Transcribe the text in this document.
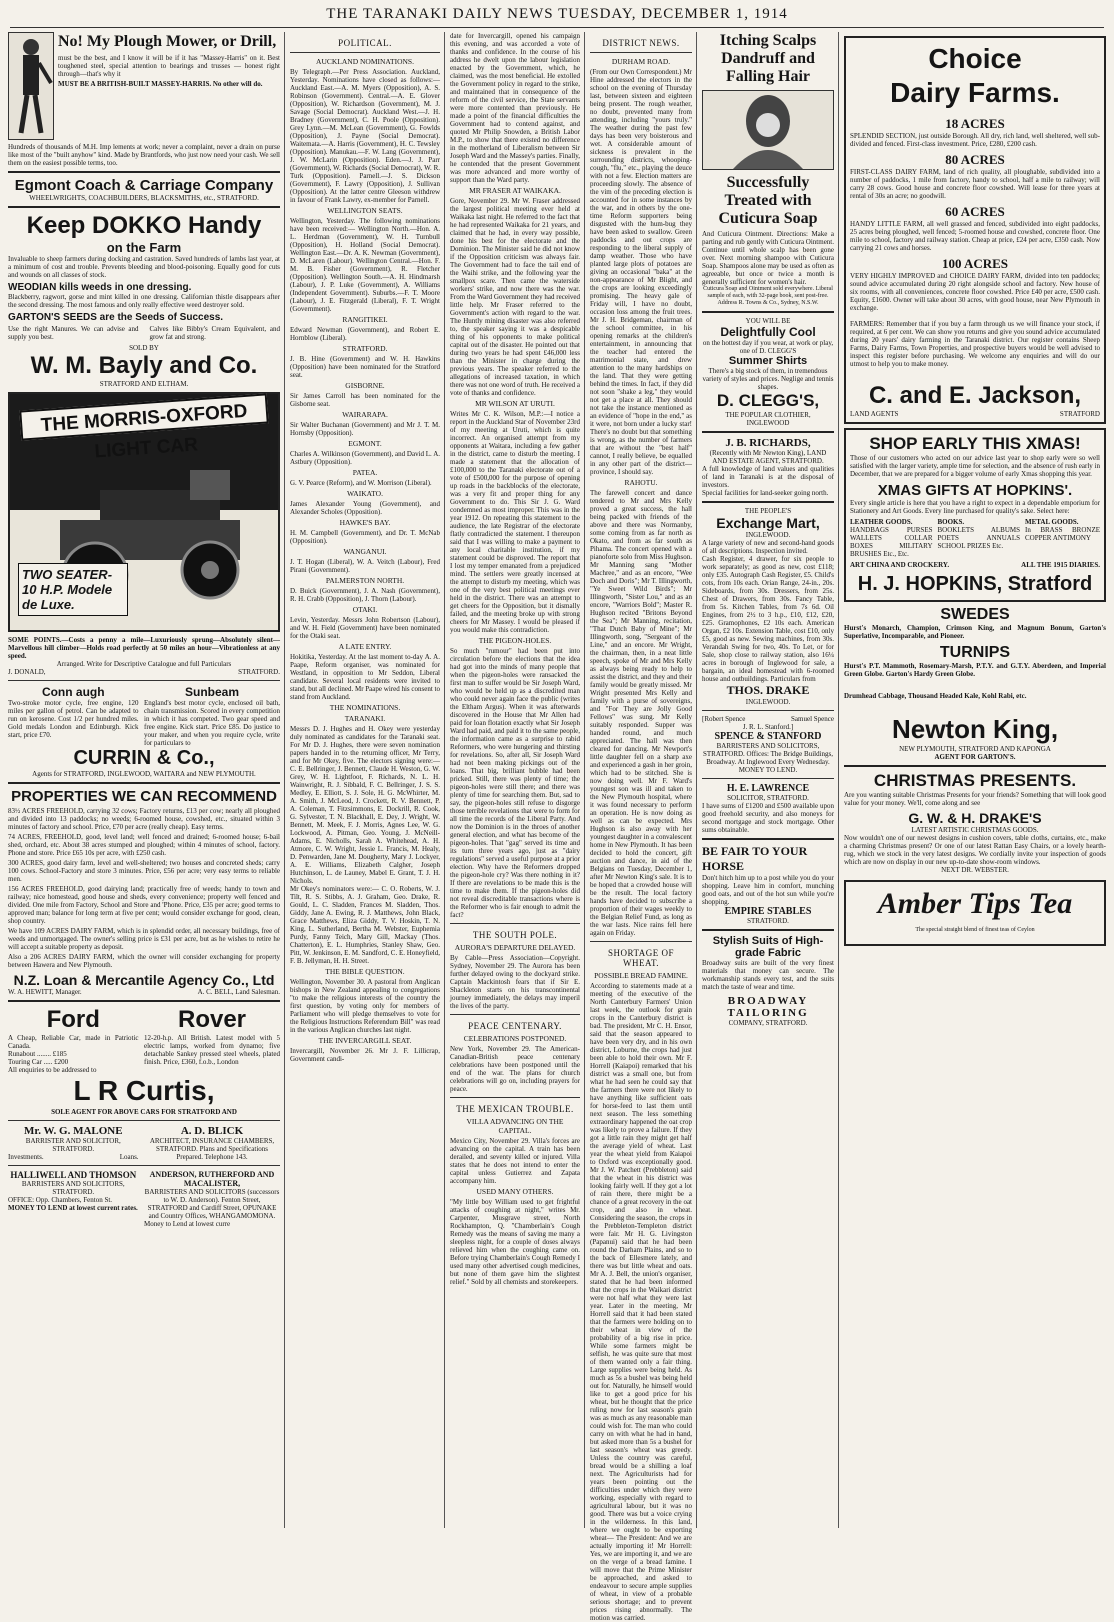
THE TARANAKI DAILY NEWS TUESDAY, DECEMBER 1, 1914
No! My Plough Mower, or Drill,
must be the best, and I know it will be if it has "Massey-Harris" on it. Best toughened steel, special attention to bearings and trusses — honest right through—that's why it
MUST BE A BRITISH-BUILT MASSEY-HARRIS. No other will do.
Hundreds of thousands of M.H. Imp lements at work; never a complaint, never a drain on purse like most of the "built anyhow" kind. Made by Brantfords, who just now need your cash. We sell them on the easiest possible terms, too.
Egmont Coach & Carriage Company
WHEELWRIGHTS, COACHBUILDERS, BLACKSMITHS, etc., STRATFORD.
Keep DOKKO Handy
on the Farm
Invaluable to sheep farmers during docking and castration. Saved hundreds of lambs last year, at a minimum of cost and trouble. Prevents bleeding and blood-poisoning. Equally good for cuts and wounds on all classes of stock.
WEODIAN kills weeds in one dressing.
Blackberry, ragwort, gorse and mint killed in one dressing. Californian thistle disappears after the second dressing. The most famous and only really effective weed destroyer sold.
GARTON'S SEEDS are the Seeds of Success.
Use the right Manures. We can advise and supply you best.
Calves like Bibby's Cream Equivalent, and grow fat and strong.
SOLD BY
W. M. Bayly and Co.
STRATFORD AND ELTHAM.
THE MORRIS-OXFORD LIGHT CAR
TWO SEATER-10 H.P. Modele de Luxe.
SOME POINTS.—Costs a penny a mile—Luxuriously sprung—Absolutely silent—Marvellous hill climber—Holds road perfectly at 50 miles an hour—Vibrationless at any speed.
Arranged. Write for Descriptive Catalogue and full Particulars
J. DONALD,	STRATFORD.
Conn augh
Two-stroke motor cycle, free engine, 120 miles per gallon of petrol. Can be adapted to run on kerosene. Cost 1/2 per hundred miles. Gold medals London and Edinburgh. Kick start, price £70.
Sunbeam
England's best motor cycle, enclosed oil bath, chain transmission. Scored in every competition in which it has competed. Two gear speed and free engine. Kick start. Price £85. Do justice to your maker, and when you require cycle, write for particulars to
CURRIN & Co.,
Agents for STRATFORD, INGLEWOOD, WAITARA and NEW PLYMOUTH.
PROPERTIES WE CAN RECOMMEND
83½ ACRES FREEHOLD, carrying 32 cows; Factory returns, £13 per cow; nearly all ploughed and divided into 13 paddocks; no weeds; 6-roomed house, cowshed, etc., situated within 3 minutes of factory and school. Price, £70 per acre (really cheap). Easy terms.
74 ACRES, FREEHOLD, good, level land; well fenced and drained; 6-roomed house; 6-bail shed, orchard, etc. About 38 acres stumped and ploughed; within 4 minutes of school, factory. Phone and store. Price £65 10s per acre, with £250 cash.
300 ACRES, good dairy farm, level and well-sheltered; two houses and concreted sheds; carry 100 cows. School-Factory and store 3 minutes. Price, £56 per acre; very easy terms to reliable men.
156 ACRES FREEHOLD, good dairying land; practically free of weeds; handy to town and railway; nice homestead, good house and sheds, every convenience; property well fenced and divided. One mile from Factory, School and Store and 'Phone. Price, £35 per acre; good terms to approved man; balance for long term at five per cent; would consider exchange for good, clean, shop country.
We have 109 ACRES DAIRY FARM, which is in splendid order, all necessary buildings, free of weeds and unmortgaged. The owner's selling price is £31 per acre, but as he wishes to retire he will accept a suitable property as deposit.
Also a 206 ACRES DAIRY FARM, which the owner will consider exchanging for property between Hawera and New Plymouth.
N.Z. Loan & Mercantile Agency Co., Ltd
W. A. HEWITT, Manager.	A. C. BELL, Land Salesman.
Ford
A Cheap, Reliable Car, made in Patriotic Canada.
Runabout ........ £185
Touring Car ..... £200
All enquiries to be addressed to
Rover
12-20-h.p. All British. Latest model with 5 electric lamps, worked from dynamo; five detachable Sankey pressed steel wheels, plated finish. Price, £360, f.o.b., London
L R Curtis,
SOLE AGENT FOR ABOVE CARS FOR STRATFORD AND
Mr. W. G. MALONE
BARRISTER AND SOLICITOR, STRATFORD.
Investments.	Loans.
A. D. BLICK
ARCHITECT, INSURANCE CHAMBERS, STRATFORD. Plans and Specifications Prepared. Telephone 143.
HALLIWELL AND THOMSON
BARRISTERS AND SOLICITORS, STRATFORD.
OFFICE: Opp. Chambers, Fenton St.
MONEY TO LEND at lowest current rates.
ANDERSON, RUTHERFORD AND MACALISTER,
BARRISTERS AND SOLICITORS (successors to W. D. Anderson). Fenton Street, STRATFORD and Cardiff Street, OPUNAKE and Country Offices, WHANGAMOMONA.
Money to Lend at lowest curre
POLITICAL.
AUCKLAND NOMINATIONS.
By Telegraph.—Per Press Association. Auckland, Yesterday. Nominations have closed as follows:— Auckland East.—A. M. Myers (Opposition), A. S. Robinson (Government). Central.—A. E. Glover (Opposition), W. Richardson (Government), M. J. Savage (Social Democrat). Auckland West.—J. H. Bradney (Government), C. H. Poole (Opposition). Grey Lynn.—M. McLean (Government), G. Fowlds (Opposition), J. Payne (Social Democrat). Waitemata.—A. Harris (Government), H. C. Tewsley (Opposition). Manukau.—F. W. Lang (Government), J. W. McLarin (Opposition). Eden.—J. J. Parr (Government), W. Richards (Social Democrat), W. R. Turk (Opposition). Parnell.—J. S. Dickson (Government), F. Lawry (Opposition), J. Sullivan (Opposition). At the latter centre Gleeson withdrew in favour of Frank Lawry, ex-member for Parnell.
WELLINGTON SEATS.
Wellington, Yesterday. The following nominations have been received:— Wellington North.—Hon. A. L. Herdman (Government), W. H. Turnbull (Opposition), H. Holland (Social Democrat). Wellington East.—Dr. A. K. Newman (Government), D. McLaren (Labour). Wellington Central.—Hon. F. M. B. Fisher (Government), R. Fletcher (Opposition). Wellington South.—A. H. Hindmarsh (Labour), J. P. Luke (Government), A. Williams (Independent Government). Suburbs.—F. T. Moore (Labour), J. E. Fitzgerald (Liberal), F. T. Wright (Government).
RANGITIKEI.
Edward Newman (Government), and Robert E. Hornblow (Liberal).
STRATFORD.
J. B. Hine (Government) and W. H. Hawkins (Opposition) have been nominated for the Stratford seat.
GISBORNE.
Sir James Carroll has been nominated for the Gisborne seat.
WAIRARAPA.
Sir Walter Buchanan (Government) and Mr J. T. M. Hornsby (Opposition).
EGMONT.
Charles A. Wilkinson (Government), and David L. A. Astbury (Opposition).
PATEA.
G. V. Pearce (Reform), and W. Morrison (Liberal).
WAIKATO.
James Alexander Young (Government), and Alexander Scholes (Opposition).
HAWKE'S BAY.
H. M. Campbell (Government), and Dr. T. McNab (Opposition).
WANGANUI.
J. T. Hogan (Liberal), W. A. Veitch (Labour), Fred Pirani (Government).
PALMERSTON NORTH.
D. Buick (Government), J. A. Nash (Government), R. H. Crabb (Opposition), J. Thorn (Labour).
OTAKI.
Levin, Yesterday. Messrs John Robertson (Labour), and W. H. Field (Government) have been nominated for the Otaki seat.
A LATE ENTRY.
Hokitika, Yesterday. At the last moment to-day A. A. Paape, Reform organiser, was nominated for Westland, in opposition to Mr Seddon, Liberal candidate. Several local residents were invited to stand, but all declined. Mr Paape wired his consent to stand from Auckland.
THE NOMINATIONS.
TARANAKI.
Messrs D. J. Hughes and H. Okey were yesterday duly nominated as candidates for the Taranaki seat. For Mr D. J. Hughes, there were seven nomination papers handed in to the returning officer, Mr Terry, and for Mr Okey, five. The electors signing were:— C. E. Bellringer, J. Bennett, Claude H. Weston, G. W. Grey, W. H. Lightfoot, F. Richards, N. L. H. Wainwright, R. J. Sibbald, F. C. Bellringer, J. S. S. Medley, E. Elliott, S. J. Sole, H. G. McWhirter, M. A. Smith, J. McLeod, J. Crockett, R. V. Bennett, P. A. Coleman, T. Fitzsimmons, E. Dockrill, R. Cook, G. Sylvester, T. N. Blackhall, E. Dey, J. Wright, W. Bennett, M. Meek, F. J. Morris, Agnes Lee, W. G. Lockwood, A. Pitman, Geo. Young, J. McNeill-Adams, E. Nicholls, Sarah A. Whitehead, A. H. Atmore, C. W. Wright, Jessie L. Francis, M. Healy, D. Penwarden, Jane M. Dougherty, Mary J. Lockyer, A. E. Williams, Elizabeth Calgher, Joseph Hutchinson, L. de Launey, Mabel E. Grant, T. J. H. Nichols.
Mr Okey's nominators were:— C. O. Roberts, W. J. Tilt, R. S. Stibbs, A. J. Graham, Geo. Drake, R. Gould, L. C. Sladden, Frances M. Sladden, Thos. Giddy, Jane A. Ewing, R. J. Matthews, John Black, Grace Matthews, Eliza Giddy, T. V. Hoskin, T. N. King, L. Sutherland, Bertha M. Webster, Euphemia Purdy, Fanny Teich, Mary Gill, Mackay (Thos. Chatterton), E. L. Humphries, Stanley Shaw, Geo. Pitt, W. Jenkinson, E. M. Sandford, C. E. Honeyfield, F. B. Jellyman, H. H. Street.
THE BIBLE QUESTION.
Wellington, November 30. A pastoral from Anglican bishops in New Zealand appealing to congregations "to make the religious interests of the country the first question, by voting only for members of Parliament who will pledge themselves to vote for the Religious Instructions Referendum Bill" was read in the various Anglican churches last night.
THE INVERCARGILL SEAT.
Invercargill, November 26. Mr J. F. Lillicrap, Government candi-
date for Invercargill, opened his campaign this evening, and was accorded a vote of thanks and confidence. In the course of his address he dwelt upon the labour legislation enacted by the Government, which, he claimed, was the most beneficial. He extolled the Government policy in regard to the strike, and maintained that in consequence of the reform of the civil service, the State servants were more contented than previously. He made a point of the financial difficulties the Government had to contend against, and quoted Mr Philip Snowden, a British Labor M.P., to show that there existed no difference in the motherland of Liberalism between Sir Joseph Ward and the Massey's parties. Finally, he contended that the present Government was more advanced and more worthy of support than the Ward party.
MR FRASER AT WAIKAKA.
Gore, November 29. Mr W. Fraser addressed the largest political meeting ever held at Waikaka last night. He referred to the fact that he had represented Waikaka for 21 years, and claimed that he had, in every way possible, done his best for the electorate and the Dominion. The Minister said he did not know if the Opposition criticism was always fair. The Government had to face the tail end of the Waihi strike, and the following year the smallpox scare. Then came the waterside workers' strike, and now there was the war. From the Ward Government they had received little help. Mr Fraser referred to the Government's action with regard to the war. The Huntly mining disaster was also referred to, the speaker saying it was a despicable thing of his opponents to make political capital out of the disaster. He pointed out that during two years he had spent £46,000 less than the Minister in charge during the previous years. The speaker referred to the allegations of increased taxation, in which there was not one word of truth. He received a vote of thanks and confidence.
MR WILSON AT URUTI.
Writes Mr C. K. Wilson, M.P.:—I notice a report in the Auckland Star of November 23rd of my meeting at Uruti, which is quite incorrect. An organised attempt from my opponents at Waitara, including a few gather in the district, came to disturb the meeting. I made a statement that the allocation of £100,000 to the Taranaki electorate out of a vote of £500,000 for the purpose of opening up roads in the backblocks of the electorate, was a very fit and proper thing for any Government to do. This Sir J. G. Ward condemned as most improper. This was in the year 1912. On repeating this statement to the audience, the late Registrar of the electorate flatly contradicted the statement. I thereupon said that I was willing to make a payment to any local charitable institution, if my statement could be disproved. The report that I lost my temper emanated from a prejudiced mind. The settlers were greatly incensed at the attempt to disturb my meeting, which was one of the very best political meetings ever held in the district. There was an attempt to get cheers for the Opposition, but it dismally failed, and the meeting broke up with strong cheers for Mr Massey. I would be pleased if you would make this contradiction.
THE PIGEON-HOLES.
So much "rumour" had been put into circulation before the elections that the idea had got into the minds of many people that when the pigeon-holes were ransacked the first man to suffer would be Sir Joseph Ward, who would be held up as a discredited man who could never again face the public (writes the Eltham Argus). When it was afterwards discovered in the House that Mr Allen had paid for loan flotation exactly what Sir Joseph Ward had paid, and paid it to the same people, the information came as a surprise to rabid Reformers, who were hungering and thirsting for revelations. So, after all, Sir Joseph Ward had not been making pickings out of the loans. That big, brilliant bubble had been pricked. Still, there was plenty of time; the pigeon-holes were still there; and there was plenty of time for searching them. But, sad to say, the pigeon-holes still refuse to disgorge those terrible revelations that were to form for all time the records of the Liberal Party. And now the Dominion is in the throes of another general election, and what has become of the pigeon-holes. That "gag" served its time and its turn three years ago, just as "dairy regulations" served a useful purpose at a prior election. Why have the Reformers dropped the pigeon-hole cry? Was there nothing in it? If there are revelations to be made this is the time to make them. If the pigeon-holes did not reveal discreditable transactions where is the Reformer who is fair enough to admit the fact?
THE SOUTH POLE.
AURORA'S DEPARTURE DELAYED.
By Cable—Press Association—Copyright. Sydney, November 29. The Aurora has been further delayed owing to the dockyard strike. Captain Mackintosh fears that if Sir E. Shackleton starts on his transcontinental journey immediately, the delays may imperil the lives of the party.
PEACE CENTENARY.
CELEBRATIONS POSTPONED.
New York, November 29. The American-Canadian-British peace centenary celebrations have been postponed until the end of the war. The plans for church celebrations will go on, including prayers for peace.
THE MEXICAN TROUBLE.
VILLA ADVANCING ON THE CAPITAL.
Mexico City, November 29. Villa's forces are advancing on the capital. A train has been derailed, and seventy killed or injured. Villa states that he does not intend to enter the capital unless Gutierrez and Zapata accompany him.
USED MANY OTHERS.
"My little boy William used to get frightful attacks of coughing at night," writes Mr. Carpenter, Musgrave street, North Rockhampton, Q. "Chamberlain's Cough Remedy was the means of saving me many a sleepless night, for a couple of doses always relieved him when the coughing came on. Before trying Chamberlain's Cough Remedy I used many other advertised cough medicines, but none of them gave him the slightest relief." Sold by all chemists and storekeepers.
DISTRICT NEWS.
DURHAM ROAD.
(From our Own Correspondent.) Mr Hine addressed the electors in the school on the evening of Thursday last, between sixteen and eighteen being present. The rough weather, no doubt, prevented many from attending, including "yours truly." The weather during the past few days has been very boisterous and wet. A considerable amount of sickness is prevalent in the surrounding districts, whooping-cough, "flu," etc., playing the deuce with not a few. Election matters are proceeding slowly. The absence of the vim of the preceding election is accounted for in some instances by the war, and in others by the one-time Reform supporters being disgusted with the hum-bug they have been asked to swallow. Green paddocks and out crops are responding to the liberal supply of damp weather. Those who have planted large plots of potatoes are giving an occasional "baka" at the non-appearance of Mr Blight, and the crops are looking exceedingly promising. The heavy gale of Friday will, I have no doubt, occasion loss among the fruit trees. Mr J. H. Bridgeman, chairman of the school committee, in his opening remarks at the children's entertainment, in announcing that the teacher had entered the matrimonial state, and drew attention to the many hardships on the land. That they were getting behind the times. In fact, if they did not soon "shake a leg," they would not get a place at all. They should not take the instance mentioned as an evidence of "hope in the end," as it were, not born under a lucky star! There's no doubt but that something is wrong, as the number of farmers that are without the "best half" cannot, I really believe, be equalled in any other part of the district—province, I should say.
RAHOTU.
The farewell concert and dance tendered to Mr and Mrs Kelly proved a great success, the hall being packed with friends of the above and there was Normanby, some coming from as far north as Okato, and from as far south as Pihama. The concert opened with a pianoforte solo from Miss Hughson. Mr Manning sang "Mother Machree," and as an encore, "Wee Doch and Doris"; Mr T. Illingworth, "Ye Sweet Wild Birds"; Mr Illingworth, "Sister Lou," and as an encore, "Warriors Bold"; Master R. Hughson recited "Britons Beyond the Sea"; Mr Manning, recitation, "That Dutch Baby of Mine"; Mr Illingworth, song, "Sergeant of the Line," and an encore. Mr Wright, the chairman, then, in a neat little speech, spoke of Mr and Mrs Kelly as always being ready to help to assist the district, and they and their family would be greatly missed. Mr Wright presented Mrs Kelly and family with a purse of sovereigns, and "For They are Jolly Good Fellows" was sung. Mr Kelly suitably responded. Supper was handed round, and much appreciated. The hall was then cleared for dancing. Mr Newport's little daughter fell on a sharp axe and experienced a gash in her groin, which had to be stitched. She is now doing well. Mr F. Ward's youngest son was ill and taken to the New Plymouth hospital, where it was found necessary to perform an operation. He is now doing as well as can be expected. Mrs Hughson is also away with her youngest daughter in a convalescent home in New Plymouth. It has been decided to hold the concert, gift auction and dance, in aid of the Belgians on Tuesday, December 1, after Mr Newton King's sale. It is to be hoped that a crowded house will be the result. The local factory hands have decided to subscribe a proportion of their wages weekly to the Belgian Relief Fund, as long as the war lasts. Nice rains fell here again on Friday.
SHORTAGE OF WHEAT.
POSSIBLE BREAD FAMINE.
According to statements made at a meeting of the executive of the North Canterbury Farmers' Union last week, the outlook for grain crops in the Canterbury district is bad. The president, Mr C. H. Ensor, said that the season appeared to have been very dry, and in his own district, Loburne, the crops had just been able to hold their own. Mr F. Horrell (Kaiapoi) remarked that his district was a small one, but from what he had seen he could say that the farmers there were not likely to have anything like sufficient oats for horse-feed to last them until next season. The less something extraordinary happened the oat crop was likely to prove a failure. If they got a little rain they might get half the average yield of wheat. Last year the wheat yield from Kaiapoi to Oxford was exceptionally good. Mr J. W. Patchett (Prebbleton) said that the wheat in his district was looking fairly well. If they got a lot of rain there, there might be a chance of a great recovery in the oat crop, and also in wheat. Considering the season, the crops in the Prebbleton-Templeton district were fair. Mr H. G. Livingston (Papanui) said that he had been round the Darham Plains, and so to the back of Ellesmere lately, and there was but little wheat and oats. Mr A. J. Bell, the union's organiser, stated that he had been informed that the crops in the Waikari district were not half what they were last year. Later in the meeting, Mr Horrell said that it had been stated that the farmers were holding on to their wheat in view of the probability of a big rise in price. While some farmers might be selfish, he was quite sure that most of them wanted only a fair thing. Large supplies were being held. As much as 5s a bushel was being held out for. Naturally, he himself would like to get a good price for his wheat, but he thought that the price ruling now for last season's grain was as much as any reasonable man could wish for. The man who could carry on with what he had in hand, but asked more than 5s a bushel for last season's wheat was greedy. Unless the country was careful, bread would be a shilling a loaf next. The Agriculturists had for years been pointing out the difficulties under which they were working, especially with regard to agricultural labour, but it was no good. There was but a voice crying in the wilderness. In this land, where we ought to be exporting wheat— The President: And we are actually importing it! Mr Horrell: Yes, we are importing it, and we are on the verge of a bread famine. I will move that the Prime Minister be approached, and asked to endeavour to secure ample supplies of wheat, in view of a probable serious shortage; and to prevent prices rising abnormally. The motion was carried.
Itching Scalps Dandruff and Falling Hair
Successfully Treated with Cuticura Soap
And Cuticura Ointment. Directions: Make a parting and rub gently with Cuticura Ointment. Continue until whole scalp has been gone over. Next morning shampoo with Cuticura Soap. Shampoos alone may be used as often as agreeable, but once or twice a month is generally sufficient for women's hair.
Cuticura Soap and Ointment sold everywhere. Liberal sample of each, with 32-page book, sent post-free. Address R. Towns & Co., Sydney, N.S.W.
YOU WILL BE
Delightfully Cool
on the hottest day if you wear, at work or play, one of D. CLEGG'S
Summer Shirts
There's a big stock of them, in tremendous variety of styles and prices. Neglige and tennis shapes.
D. CLEGG'S,
THE POPULAR CLOTHIER,
INGLEWOOD
J. B. RICHARDS,
(Recently with Mr Newton King), LAND AND ESTATE AGENT, STRATFORD.
A full knowledge of land values and qualities of land in Taranaki is at the disposal of investors.
Special facilities for land-seeker going north.
THE PEOPLE'S
Exchange Mart,
INGLEWOOD.
A large variety of new and second-hand goods of all descriptions. Inspection invited.
Cash Register, 4 drawer, for six people to work separately; as good as new, cost £118; only £35. Autograph Cash Register, £5. Child's cots, from 10s each. Orian Range, 24-in., 20s. Sideboards, from 30s. Dressers, from 25s. Chest of Drawers, from 30s. Fancy Table, from 5s. Kitchen Tables, from 7s 6d. Oil Engines, from 2½ to 3 h.p., £10, £12, £20, £25. Gramophones, £2 10s each. American Organ, £2 10s. Extension Table, cost £10, only £5, good as new. Sewing machines, from 30s. Verandah Swing for two, 40s. To Let, or for Sale, shop close to railway station, also 16¼ acres in borough of Inglewood for sale, a bargain, an ideal homestead with 6-roomed house and outbuildings. Particulars from
THOS. DRAKE
INGLEWOOD.
[Robert Spence	Samuel Spence
J. R. L. Stanford.]
SPENCE & STANFORD
BARRISTERS AND SOLICITORS, STRATFORD. Offices: The Bridge Buildings, Broadway. At Inglewood Every Wednesday. MONEY TO LEND.
H. E. LAWRENCE
SOLICITOR, STRATFORD.
I have sums of £1200 and £500 available upon good freehold security, and also moneys for second mortgage and stock mortgage. Other sums obtainable.
BE FAIR TO YOUR HORSE
Don't hitch him up to a post while you do your shopping. Leave him in comfort, munching good oats, and out of the hot sun while you're shopping.
EMPIRE STABLES
STRATFORD.
Stylish Suits of High-grade Fabric
Broadway suits are built of the very finest materials that money can secure. The workmanship stands every test, and the suits match the taste of wear and time.
BROADWAY TAILORING
COMPANY, STRATFORD.
Choice
Dairy Farms.
18 ACRES
SPLENDID SECTION, just outside Borough. All dry, rich land, well sheltered, well sub-divided and fenced. First-class investment. Price, £280, £200 cash.
80 ACRES
FIRST-CLASS DAIRY FARM, land of rich quality, all ploughable, subdivided into a number of paddocks, 1 mile from factory, handy to school, half a mile to railway; will carry 28 cows. Good house and concrete floor cowshed. Will lease for three years at rental of 30s an acre; no goodwill.
60 ACRES
HANDY LITTLE FARM, all well grassed and fenced, subdivided into eight paddocks, 25 acres being ploughed, well fenced; 5-roomed house and cowshed, concrete floor. One mile to school, factory and railway station. Cheap at price, £24 per acre, £350 cash. Now carrying 21 cows and horses.
100 ACRES
VERY HIGHLY IMPROVED and CHOICE DAIRY FARM, divided into ten paddocks; sound advice accumulated during 20 right alongside school and factory. New house of six rooms, with all conveniences, concrete floor cowshed. Price £40 per acre, £500 cash. Equity, £1600. Owner will take about 30 acres, with good house, near New Plymouth in exchange.
FARMERS: Remember that if you buy a farm through us we will finance your stock, if required, at 6 per cent. We can show you returns and give you sound advice accumulated during 20 years' dairy farming in the Taranaki district. Our register contains Sheep Farms, Dairy Farms, Town Properties, and prospective buyers would be well advised to inspect this register before purchasing. We welcome any enquiries and will do our utmost to help you to make money.
C. and E. Jackson,
LAND AGENTS	STRATFORD
SHOP EARLY THIS XMAS!
Those of our customers who acted on our advice last year to shop early were so well satisfied with the larger variety, ample time for selection, and the absence of rush early in December, that we are prepared for a bigger volume of early Xmas shopping this year.
XMAS GIFTS AT HOPKINS'.
Every single article is here that you have a right to expect in a dependable emporium for Stationery and Art Goods. Every line purchased for quality's sake. Select here:
LEATHER GOODS.
HANDBAGS PURSES WALLETS COLLAR BOXES MILITARY BRUSHES Etc., Etc.
BOOKS.
BOOKLETS ALBUMS POETS ANNUALS SCHOOL PRIZES Etc.
METAL GOODS.
In BRASS BRONZE COPPER ANTIMONY
ART CHINA AND CROCKERY.	ALL THE 1915 DIARIES.
H. J. HOPKINS, Stratford
SWEDES
Hurst's Monarch, Champion, Crimson King, and Magnum Bonum, Garton's Superlative, Incomparable, and Pioneer.
TURNIPS
Hurst's P.T. Mammoth, Rosemary-Marsh, P.T.Y. and G.T.Y. Aberdeen, and Imperial Green Globe. Garton's Hardy Green Globe.
Drumhead Cabbage, Thousand Headed Kale, Kohl Rabi, etc.
Newton King,
NEW PLYMOUTH, STRATFORD AND KAPONGA
AGENT FOR GARTON'S.
CHRISTMAS PRESENTS.
Are you wanting suitable Christmas Presents for your friends? Something that will look good value for your money. We'll, come along and see
G. W. & H. DRAKE'S
LATEST ARTISTIC CHRISTMAS GOODS.
Now wouldn't one of our newest designs in cushion covers, table cloths, curtains, etc., make a charming Christmas present? Or one of our latest Rattan Easy Chairs, or a lovely hearth-rug, which we stock in the very latest designs. We cordially invite your inspection of goods which are now on display in our new up-to-date show-room windows.
NEXT DR. WEBSTER.
Amber Tips Tea
The special straight blend of finest teas of Ceylon
